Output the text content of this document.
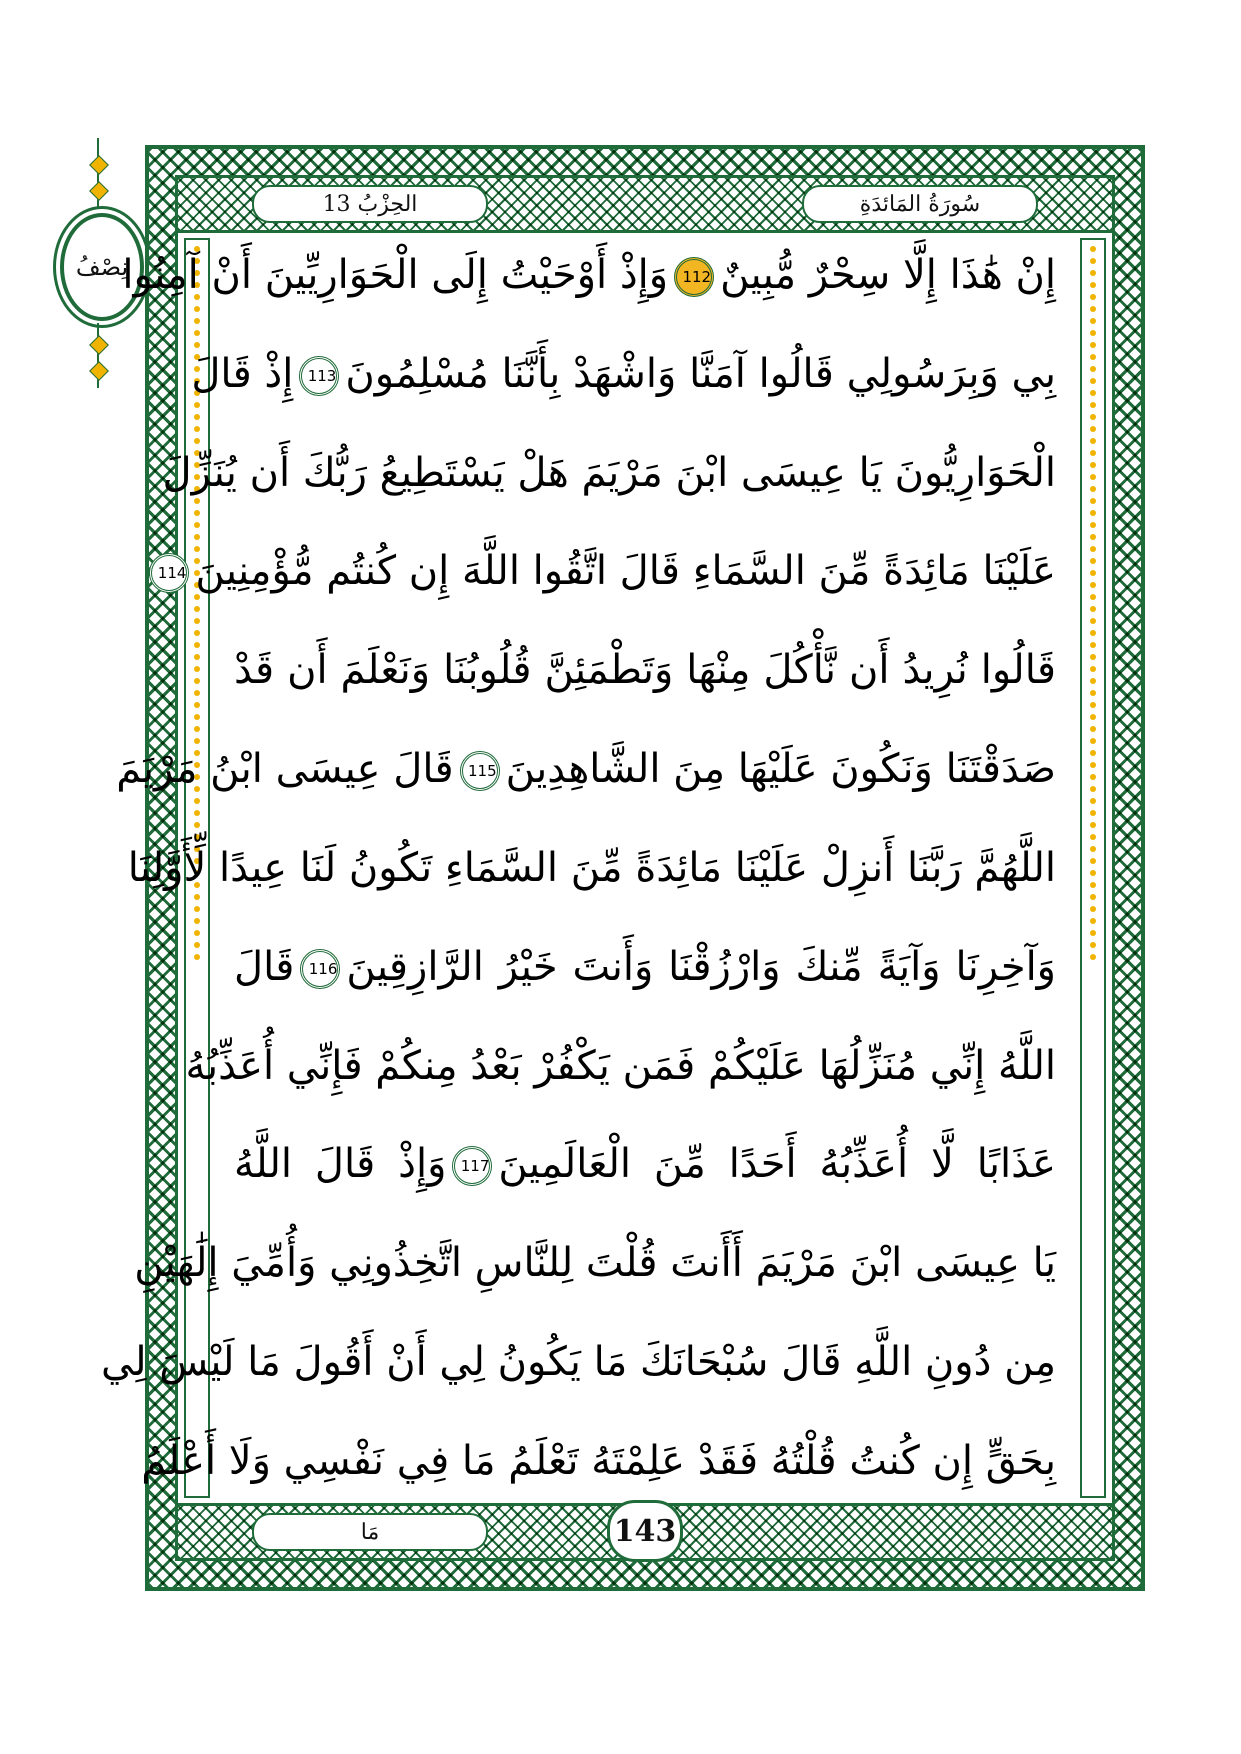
نِصْفُ
الحِزْبُ 13	سُورَةُ المَائدَةِ
إِنْ هَٰذَا إِلَّا سِحْرٌ مُّبِينٌ112وَإِذْ أَوْحَيْتُ إِلَى الْحَوَارِيِّينَ أَنْ آمِنُوا
بِي وَبِرَسُولِي قَالُوا آمَنَّا وَاشْهَدْ بِأَنَّنَا مُسْلِمُونَ113إِذْ قَالَ
الْحَوَارِيُّونَ يَا عِيسَى ابْنَ مَرْيَمَ هَلْ يَسْتَطِيعُ رَبُّكَ أَن يُنَزِّلَ
عَلَيْنَا مَائِدَةً مِّنَ السَّمَاءِ قَالَ اتَّقُوا اللَّهَ إِن كُنتُم مُّؤْمِنِينَ114
قَالُوا نُرِيدُ أَن نَّأْكُلَ مِنْهَا وَتَطْمَئِنَّ قُلُوبُنَا وَنَعْلَمَ أَن قَدْ
صَدَقْتَنَا وَنَكُونَ عَلَيْهَا مِنَ الشَّاهِدِينَ115قَالَ عِيسَى ابْنُ مَرْيَمَ
اللَّهُمَّ رَبَّنَا أَنزِلْ عَلَيْنَا مَائِدَةً مِّنَ السَّمَاءِ تَكُونُ لَنَا عِيدًا لِّأَوَّلِنَا
وَآخِرِنَا وَآيَةً مِّنكَ وَارْزُقْنَا وَأَنتَ خَيْرُ الرَّازِقِينَ116قَالَ
اللَّهُ إِنِّي مُنَزِّلُهَا عَلَيْكُمْ فَمَن يَكْفُرْ بَعْدُ مِنكُمْ فَإِنِّي أُعَذِّبُهُ
عَذَابًا لَّا أُعَذِّبُهُ أَحَدًا مِّنَ الْعَالَمِينَ117وَإِذْ قَالَ اللَّهُ
يَا عِيسَى ابْنَ مَرْيَمَ أَأَنتَ قُلْتَ لِلنَّاسِ اتَّخِذُونِي وَأُمِّيَ إِلَٰهَيْنِ
مِن دُونِ اللَّهِ قَالَ سُبْحَانَكَ مَا يَكُونُ لِي أَنْ أَقُولَ مَا لَيْسَ لِي
بِحَقٍّ إِن كُنتُ قُلْتُهُ فَقَدْ عَلِمْتَهُ تَعْلَمُ مَا فِي نَفْسِي وَلَا أَعْلَمُ
مَا	143
